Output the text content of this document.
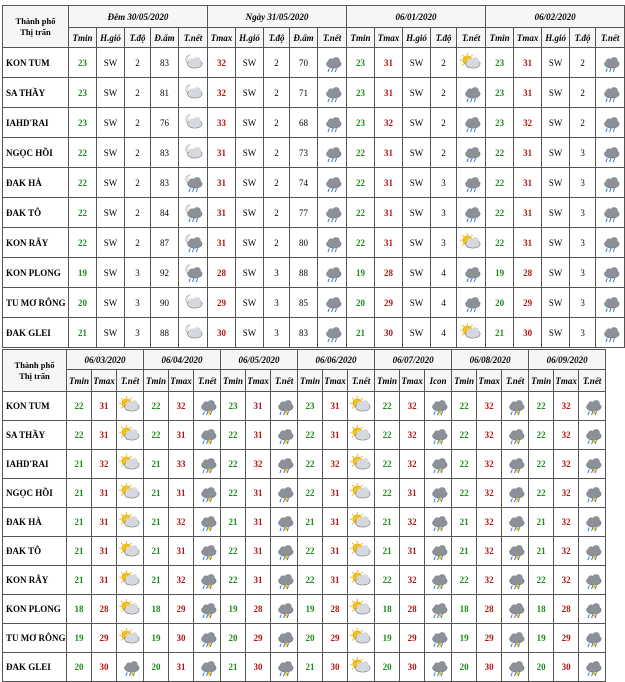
Thành phố
Thị trấn	Đêm 30/05/2020					Ngày 31/05/2020					06/01/2020					06/02/2020				
	Tmin	H.gió	T.độ	Đ.ẩm	T.nết	Tmax	H.gió	T.độ	Đ.ẩm	T.nết	Tmin	Tmax	H.gió	T.độ	T.nết	Tmin	Tmax	H.gió	T.độ	T.nết
KON TUM	23	SW	2	83		32	SW	2	70		23	31	SW	2		23	31	SW	2	

SA THẦY	23	SW	2	81		32	SW	2	71		23	31	SW	2		23	31	SW	2	

IAHD'RAI	23	SW	2	76		33	SW	2	68		23	32	SW	2		23	32	SW	2	

NGỌC HỒI	22	SW	2	83		31	SW	2	73		22	31	SW	2		22	31	SW	3	

ĐAK HÀ	22	SW	2	83		31	SW	2	74		22	31	SW	3		22	31	SW	3	

ĐAK TÔ	22	SW	2	84		31	SW	2	77		22	31	SW	3		22	31	SW	3	

KON RẪY	22	SW	2	87		31	SW	2	80		22	31	SW	3		22	31	SW	3	

KON PLONG	19	SW	3	92		28	SW	3	88		19	28	SW	4		19	28	SW	3	

TU MƠ RÔNG	20	SW	3	90		29	SW	3	85		20	29	SW	4		20	29	SW	3	

ĐAK GLEI	21	SW	3	88		30	SW	3	83		21	30	SW	4		21	30	SW	3	
Thành phố
Thị trấn	06/03/2020			06/04/2020			06/05/2020			06/06/2020			06/07/2020			06/08/2020			06/09/2020		
	Tmin	Tmax	T.nết	Tmin	Tmax	T.nết	Tmin	Tmax	T.nết	Tmin	Tmax	T.nết	Tmin	Tmax	Icon	Tmin	Tmax	T.nết	Tmin	Tmax	T.nết
KON TUM	22	31		22	32		23	31		23	31		22	32		22	32		22	32	

SA THẦY	22	31		22	31		22	31		22	31		22	32		22	32		22	32	

IAHD'RAI	21	32		21	33		22	32		22	32		22	32		22	32		22	32	

NGỌC HỒI	21	31		21	31		22	31		22	31		22	31		22	32		22	32	

ĐAK HÀ	21	31		21	32		21	31		21	31		21	32		21	32		21	32	

ĐAK TÔ	21	31		21	31		22	31		22	31		21	31		21	32		21	32	

KON RẪY	21	31		21	32		22	31		22	31		22	32		22	32		22	32	

KON PLONG	18	28		18	29		19	28		19	28		18	28		18	28		18	28	

TU MƠ RÔNG	19	29		19	30		20	29		20	29		19	29		19	29		19	29	

ĐAK GLEI	20	30		20	31		21	30		21	30		20	30		20	30		20	30	
